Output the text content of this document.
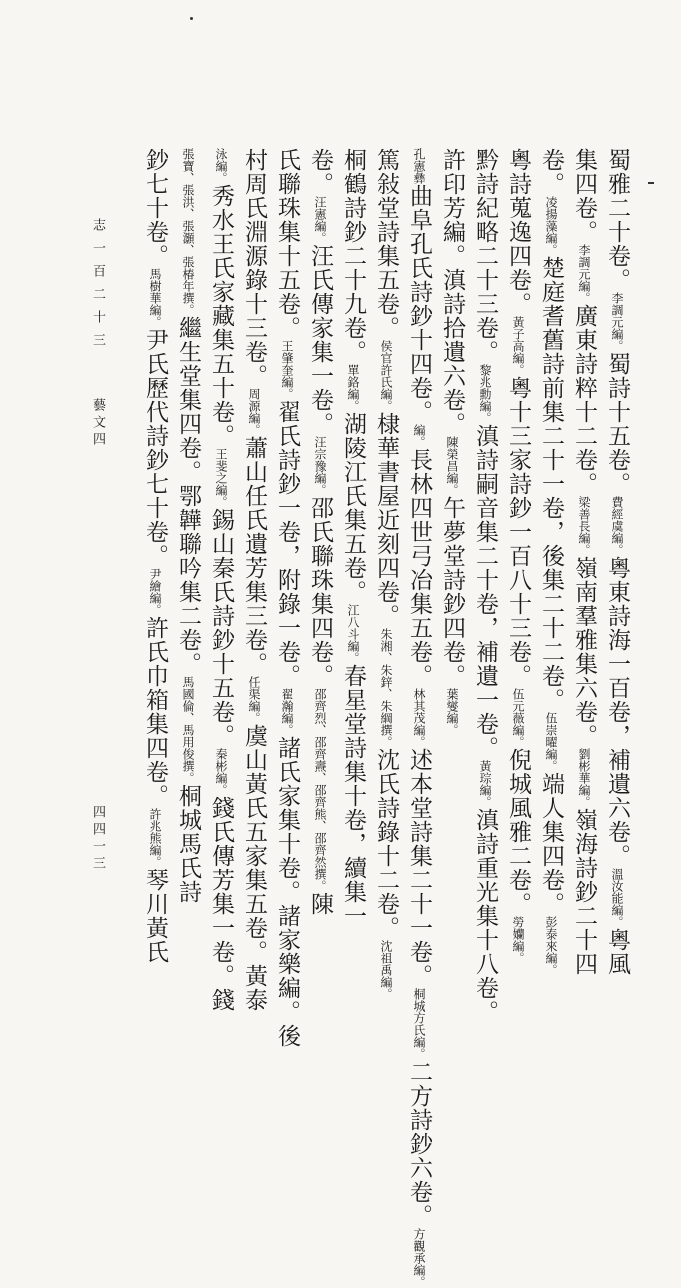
蜀雅二十卷。李調元編。蜀詩十五卷。費經虞編。粵東詩海一百卷，補遺六卷。溫汝能編。粵風
集四卷。李調元編。廣東詩粹十二卷。梁善長編。嶺南羣雅集六卷。劉彬華編。嶺海詩鈔二十四
卷。凌揚藻編。楚庭耆舊詩前集二十一卷，後集二十二卷。伍崇曜編。端人集四卷。彭泰來編。
粵詩蒐逸四卷。黃子高編。粵十三家詩鈔一百八十三卷。伍元薇編。倪城風雅二卷。勞孏編。
黔詩紀略二十三卷。黎兆勳編。滇詩嗣音集二十卷，補遺一卷。黃琮編。滇詩重光集十八卷。
許印芳編。滇詩拾遺六卷。陳榮昌編。午夢堂詩鈔四卷。葉燮編。
孔憲彝曲阜孔氏詩鈔十四卷。編。長林四世弓冶集五卷。林其茂編。述本堂詩集二十一卷。桐城方氏編。二方詩鈔六卷。方觀承編。
篤敍堂詩集五卷。侯官許氏編。棣華書屋近刻四卷。朱湘、朱鋅、朱綱撰。沈氏詩錄十二卷。沈祖禹編。
桐鶴詩鈔二十九卷。單鉻編。湖陵江氏集五卷。江八斗編。春星堂詩集十卷，續集一
卷。汪憲編。汪氏傳家集一卷。汪宗豫編。邵氏聯珠集四卷。邵齊烈、邵齊燾、邵齊熊、邵齊然撰。陳
氏聯珠集十五卷。王肇奎編。翟氏詩鈔一卷，附錄一卷。翟瀚編。諸氏家集十卷。諸家樂編。後
村周氏淵源錄十三卷。周源編。蕭山任氏遺芳集三卷。任渠編。虞山黃氏五家集五卷。黃泰
志一百二十三
藝文四
四四一三
泳編。秀水王氏家藏集五十卷。王斐之編。錫山秦氏詩鈔十五卷。秦彬編。錢氏傳芳集一卷。錢
張寶、張洪、張灝、張椿年撰。繼生堂集四卷。鄂韡聯吟集二卷。馬國倫、馬用俊撰。桐城馬氏詩
鈔七十卷。馬樹華編。尹氏歷代詩鈔七十卷。尹繪編。許氏巾箱集四卷。許兆熊編。琴川黃氏
